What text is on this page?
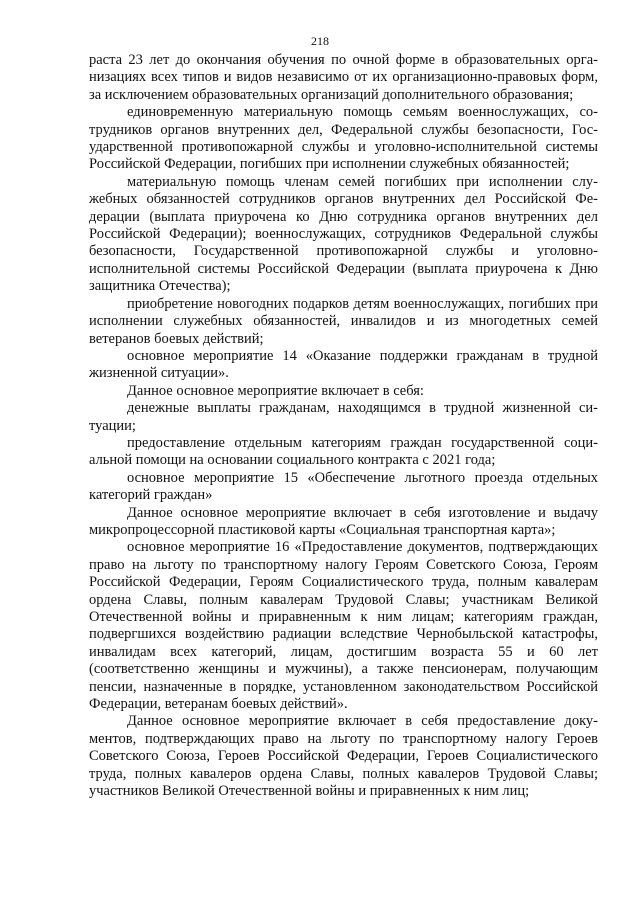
218

раста 23 лет до окончания обучения по очной форме в образовательных организациях всех типов и видов независимо от их организационно-правовых форм, за исключением образовательных организаций дополнительного образования;

единовременную материальную помощь семьям военнослужащих, сотрудников органов внутренних дел, Федеральной службы безопасности, Государственной противопожарной службы и уголовно-исполнительной системы Российской Федерации, погибших при исполнении служебных обязанностей;

материальную помощь членам семей погибших при исполнении служебных обязанностей сотрудников органов внутренних дел Российской Федерации (выплата приурочена ко Дню сотрудника органов внутренних дел Российской Федерации); военнослужащих, сотрудников Федеральной службы безопасности, Государственной противопожарной службы и уголовно-исполнительной системы Российской Федерации (выплата приурочена к Дню защитника Отечества);

приобретение новогодних подарков детям военнослужащих, погибших при исполнении служебных обязанностей, инвалидов и из многодетных семей ветеранов боевых действий;

основное мероприятие 14 «Оказание поддержки гражданам в трудной жизненной ситуации».

Данное основное мероприятие включает в себя:

денежные выплаты гражданам, находящимся в трудной жизненной ситуации;

предоставление отдельным категориям граждан государственной социальной помощи на основании социального контракта с 2021 года;

основное мероприятие 15 «Обеспечение льготного проезда отдельных категорий граждан»

Данное основное мероприятие включает в себя изготовление и выдачу микропроцессорной пластиковой карты «Социальная транспортная карта»;

основное мероприятие 16 «Предоставление документов, подтверждающих право на льготу по транспортному налогу Героям Советского Союза, Героям Российской Федерации, Героям Социалистического труда, полным кавалерам ордена Славы, полным кавалерам Трудовой Славы; участникам Великой Отечественной войны и приравненным к ним лицам; категориям граждан, подвергшихся воздействию радиации вследствие Чернобыльской катастрофы, инвалидам всех категорий, лицам, достигшим возраста 55 и 60 лет (соответственно женщины и мужчины), а также пенсионерам, получающим пенсии, назначенные в порядке, установленном законодательством Российской Федерации, ветеранам боевых действий».

Данное основное мероприятие включает в себя предоставление документов, подтверждающих право на льготу по транспортному налогу Героев Советского Союза, Героев Российской Федерации, Героев Социалистического труда, полных кавалеров ордена Славы, полных кавалеров Трудовой Славы; участников Великой Отечественной войны и приравненных к ним лиц;
